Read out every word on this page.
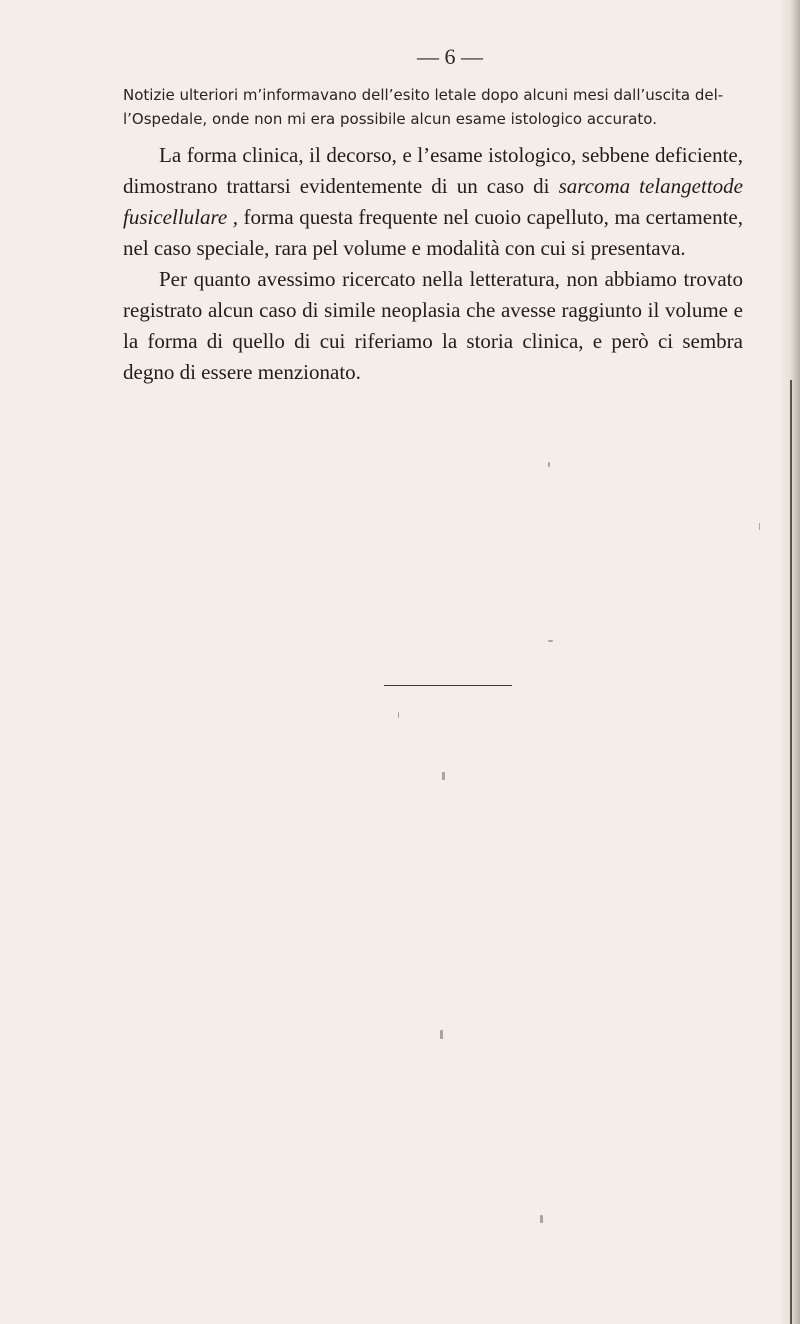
— 6 —

Notizie ulteriori m’informavano dell’esito letale dopo alcuni mesi dall’uscita del-

l’Ospedale, onde non mi era possibile alcun esame istologico accurato.

La forma clinica, il decorso, e l’esame istologico, sebbene deficiente, dimostrano trattarsi evidentemente di un caso di sarcoma telangettode fusicellulare , forma questa frequente nel cuoio capelluto, ma certamente, nel caso speciale, rara pel volume e modalità con cui si presentava.

Per quanto avessimo ricercato nella letteratura, non abbiamo trovato registrato alcun caso di simile neoplasia che avesse raggiunto il volume e la forma di quello di cui riferiamo la storia clinica, e però ci sembra degno di essere menzionato.
